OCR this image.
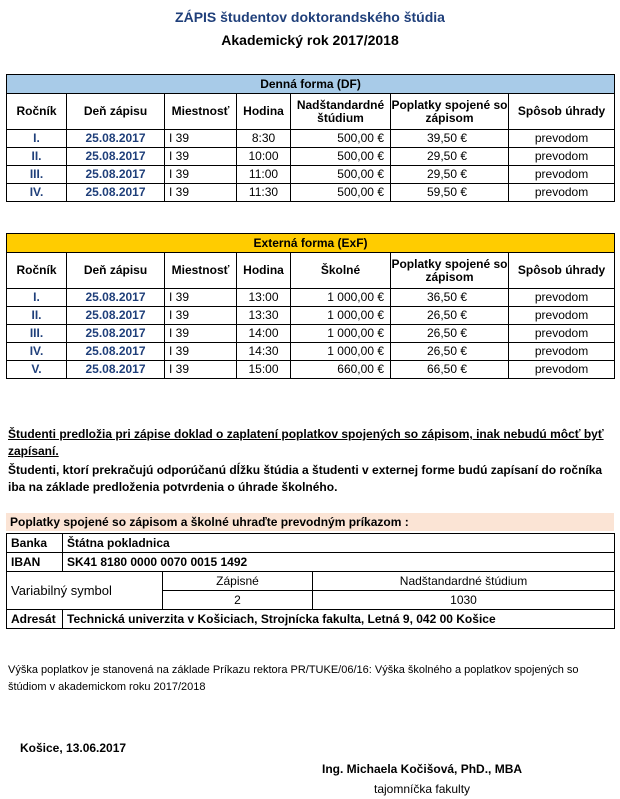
ZÁPIS študentov doktorandského štúdia
Akademický rok 2017/2018
Denná forma (DF)						
Ročník	Deň zápisu	Miestnosť	Hodina	Nadštandardné štúdium	Poplatky spojené so zápisom	Spôsob úhrady
I.	25.08.2017	I 39	8:30	500,00 €	39,50 €	prevodom
II.	25.08.2017	I 39	10:00	500,00 €	29,50 €	prevodom
III.	25.08.2017	I 39	11:00	500,00 €	29,50 €	prevodom
IV.	25.08.2017	I 39	11:30	500,00 €	59,50 €	prevodom
Externá forma (ExF)						
Ročník	Deň zápisu	Miestnosť	Hodina	Školné	Poplatky spojené so zápisom	Spôsob úhrady
I.	25.08.2017	I 39	13:00	1 000,00 €	36,50 €	prevodom
II.	25.08.2017	I 39	13:30	1 000,00 €	26,50 €	prevodom
III.	25.08.2017	I 39	14:00	1 000,00 €	26,50 €	prevodom
IV.	25.08.2017	I 39	14:30	1 000,00 €	26,50 €	prevodom
V.	25.08.2017	I 39	15:00	660,00 €	66,50 €	prevodom
Študenti predložia pri zápise doklad o zaplatení poplatkov spojených so zápisom, inak nebudú môcť byť zapísaní.
Študenti, ktorí prekračujú odporúčanú dĺžku štúdia a študenti v externej forme budú zapísaní do ročníka iba na základe predloženia potvrdenia o úhrade školného.
Poplatky spojené so zápisom a školné uhraďte prevodným príkazom :
Banka	Štátna pokladnica		
IBAN	SK41 8180 0000 0070 0015 1492		
Variabilný symbol		Zápisné	Nadštandardné štúdium
		2	1030
Adresát	Technická univerzita v Košiciach, Strojnícka fakulta, Letná 9, 042 00 Košice		
Výška poplatkov je stanovená na základe Príkazu rektora PR/TUKE/06/16: Výška školného a poplatkov spojených so štúdiom v akademickom roku 2017/2018
Košice, 13.06.2017
Ing. Michaela Kočišová, PhD., MBA
tajomníčka fakulty
